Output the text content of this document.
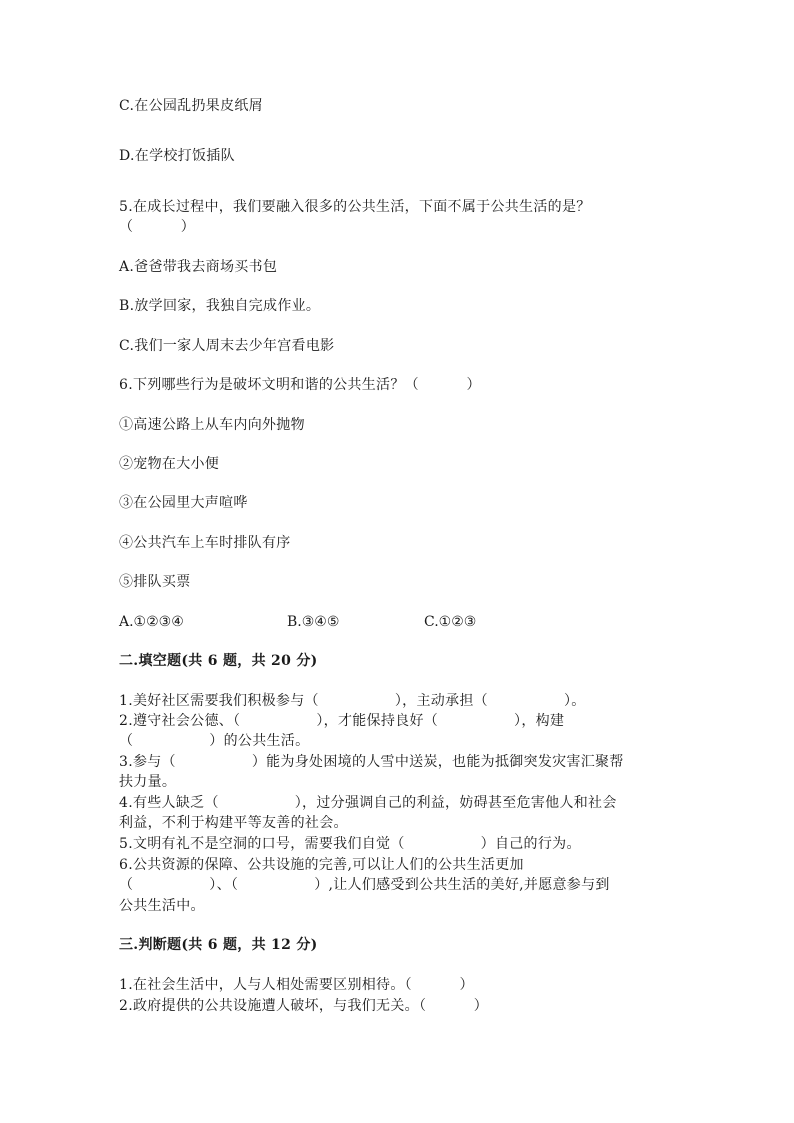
C.在公园乱扔果皮纸屑
D.在学校打饭插队
5.在成长过程中，我们要融入很多的公共生活，下面不属于公共生活的是？
（          ）
A.爸爸带我去商场买书包
B.放学回家，我独自完成作业。
C.我们一家人周末去少年宫看电影
6.下列哪些行为是破坏文明和谐的公共生活？（          ）
①高速公路上从车内向外抛物
②宠物在大小便
③在公园里大声喧哗
④公共汽车上车时排队有序
⑤排队买票
A.①②③④	B.③④⑤	C.①②③
二.填空题(共 6 题，共 20 分)
1.美好社区需要我们积极参与（                ），主动承担（                ）。
2.遵守社会公德、（                ），才能保持良好（                ），构建
（                ）的公共生活。
3.参与（                ）能为身处困境的人雪中送炭，也能为抵御突发灾害汇聚帮
扶力量。
4.有些人缺乏（                ），过分强调自己的利益，妨碍甚至危害他人和社会
利益，不利于构建平等友善的社会。
5.文明有礼不是空洞的口号，需要我们自觉（                ）自己的行为。
6.公共资源的保障、公共设施的完善,可以让人们的公共生活更加
（                ）、（                ）,让人们感受到公共生活的美好,并愿意参与到
公共生活中。
三.判断题(共 6 题，共 12 分)
1.在社会生活中，人与人相处需要区别相待。（          ）
2.政府提供的公共设施遭人破坏，与我们无关。（          ）
